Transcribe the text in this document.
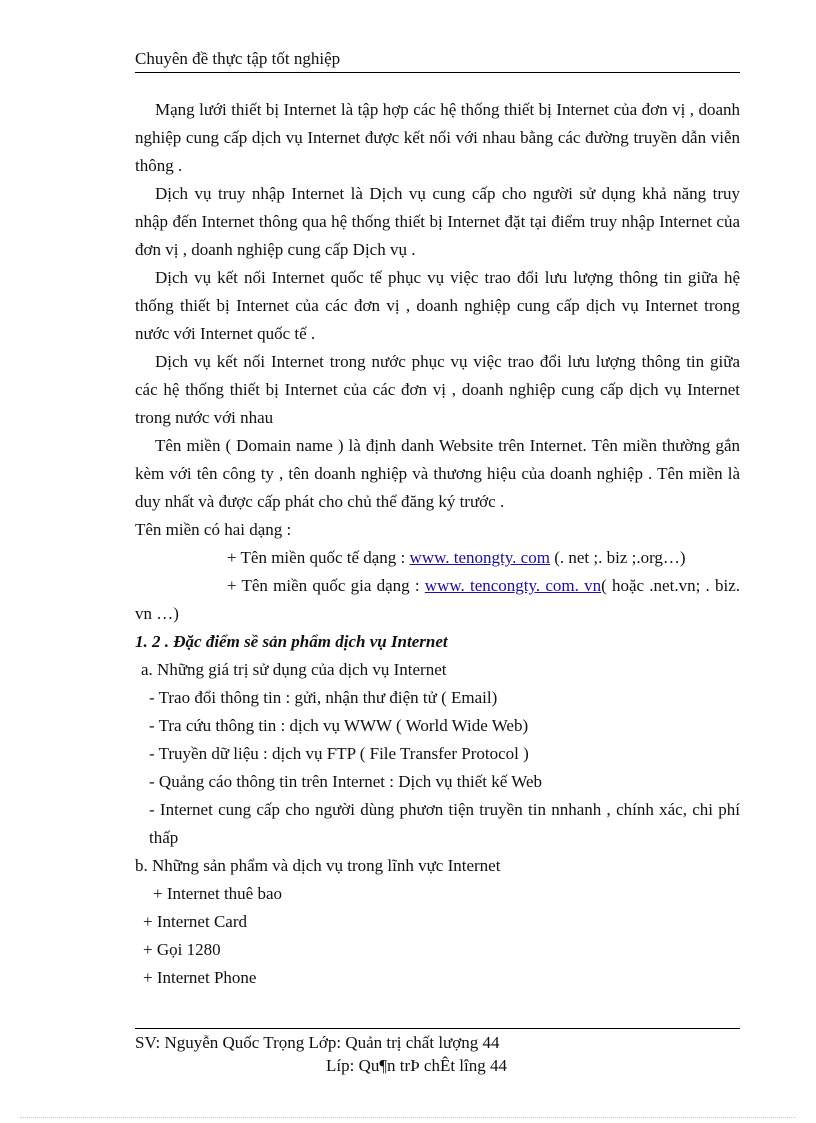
Chuyên đề thực tập tốt nghiệp

Mạng lưới thiết bị Internet là tập hợp các hệ thống thiết bị Internet của đơn vị , doanh nghiệp cung cấp dịch vụ Internet được kết nối với nhau bằng các đường truyền dẫn viễn thông .

Dịch vụ truy nhập Internet là Dịch vụ cung cấp cho người sử dụng khả năng truy nhập đến Internet thông qua hệ thống thiết bị Internet đặt tại điểm truy nhập Internet của đơn vị , doanh nghiệp cung cấp Dịch vụ .

Dịch vụ kết nối Internet quốc tế phục vụ việc trao đổi lưu lượng thông tin giữa hệ thống thiết bị Internet của các đơn vị , doanh nghiệp cung cấp dịch vụ Internet trong nước với Internet quốc tế .

Dịch vụ kết nối Internet trong nước phục vụ việc trao đổi lưu lượng thông tin giữa các hệ thống thiết bị Internet của các đơn vị , doanh nghiệp cung cấp dịch vụ Internet trong nước với nhau

Tên miền ( Domain name ) là định danh Website trên Internet. Tên miền thường gắn kèm với tên công ty , tên doanh nghiệp và thương hiệu của doanh nghiệp . Tên miền là duy nhất và được cấp phát cho chủ thể đăng ký trước .

Tên miền có hai dạng :

+ Tên miền quốc tế dạng : www. tenongty. com (. net ;. biz ;.org…)

+ Tên miền quốc gia dạng : www. tencongty. com. vn( hoặc .net.vn; . biz. vn …)

1. 2 . Đặc điểm sề sản phẩm dịch vụ Internet

a. Những giá trị sử dụng của dịch vụ Internet

- Trao đổi thông tin : gửi, nhận thư điện tử ( Email)

- Tra cứu thông tin : dịch vụ WWW ( World Wide Web)

- Truyền dữ liệu : dịch vụ FTP ( File Transfer Protocol )

- Quảng cáo thông tin trên Internet : Dịch vụ thiết kế Web

- Internet cung cấp cho người dùng phươn tiện truyền tin nnhanh , chính xác, chi phí thấp

b. Những sản phẩm và dịch vụ trong lĩnh vực Internet

+ Internet thuê bao

+ Internet Card

+ Gọi 1280

+ Internet Phone

SV: Nguyễn Quốc Trọng Lớp: Quản trị chất lượng 44
Líp: Qu¶n trÞ chÊt lîng 44
